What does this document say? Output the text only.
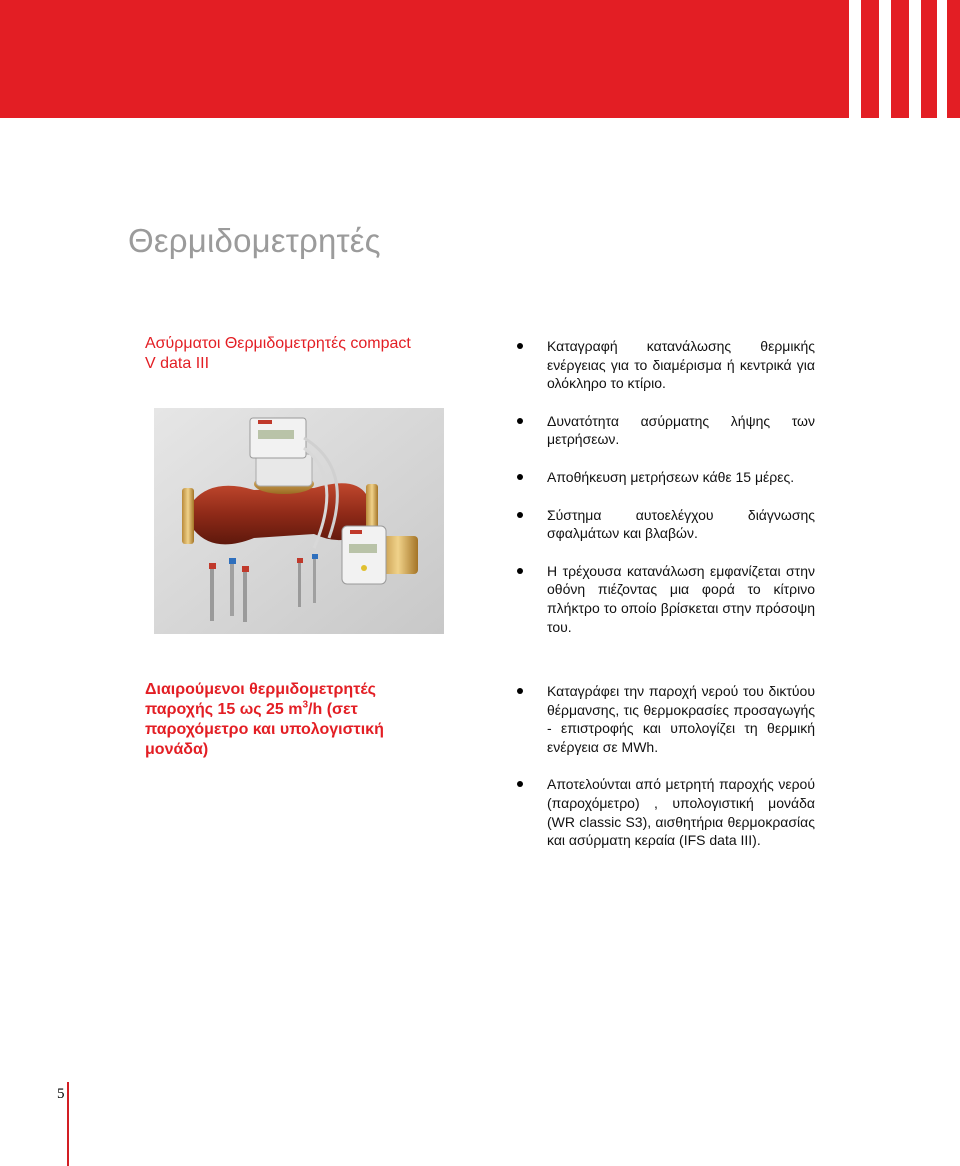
Θερμιδομετρητές
Ασύρματοι Θερμιδομετρητές compact
V data III
Καταγραφή κατανάλωσης θερμικής ενέργειας για το διαμέρισμα ή κεντρικά για ολόκληρο το κτίριο.
Δυνατότητα ασύρματης λήψης των μετρήσεων.
Αποθήκευση μετρήσεων κάθε 15 μέρες.
Σύστημα αυτοελέγχου διάγνωσης σφαλμάτων και βλαβών.
Η τρέχουσα κατανάλωση εμφανίζεται στην οθόνη πιέζοντας μια φορά το κίτρινο πλήκτρο το οποίο βρίσκεται στην πρόσοψη του.
Διαιρούμενοι θερμιδομετρητές
παροχής 15 ως 25 $m^3/h$ (σετ
παροχόμετρο και υπολογιστική
μονάδα)
Καταγράφει την παροχή νερού του δικτύου θέρμανσης, τις θερμοκρασίες προσαγωγής - επιστροφής και υπολογίζει τη θερμική ενέργεια σε MWh.
Αποτελούνται από μετρητή παροχής νερού (παροχόμετρο) , υπολογιστική μονάδα (WR classic S3), αισθητήρια θερμοκρασίας και ασύρματη κεραία (IFS data III).
5
